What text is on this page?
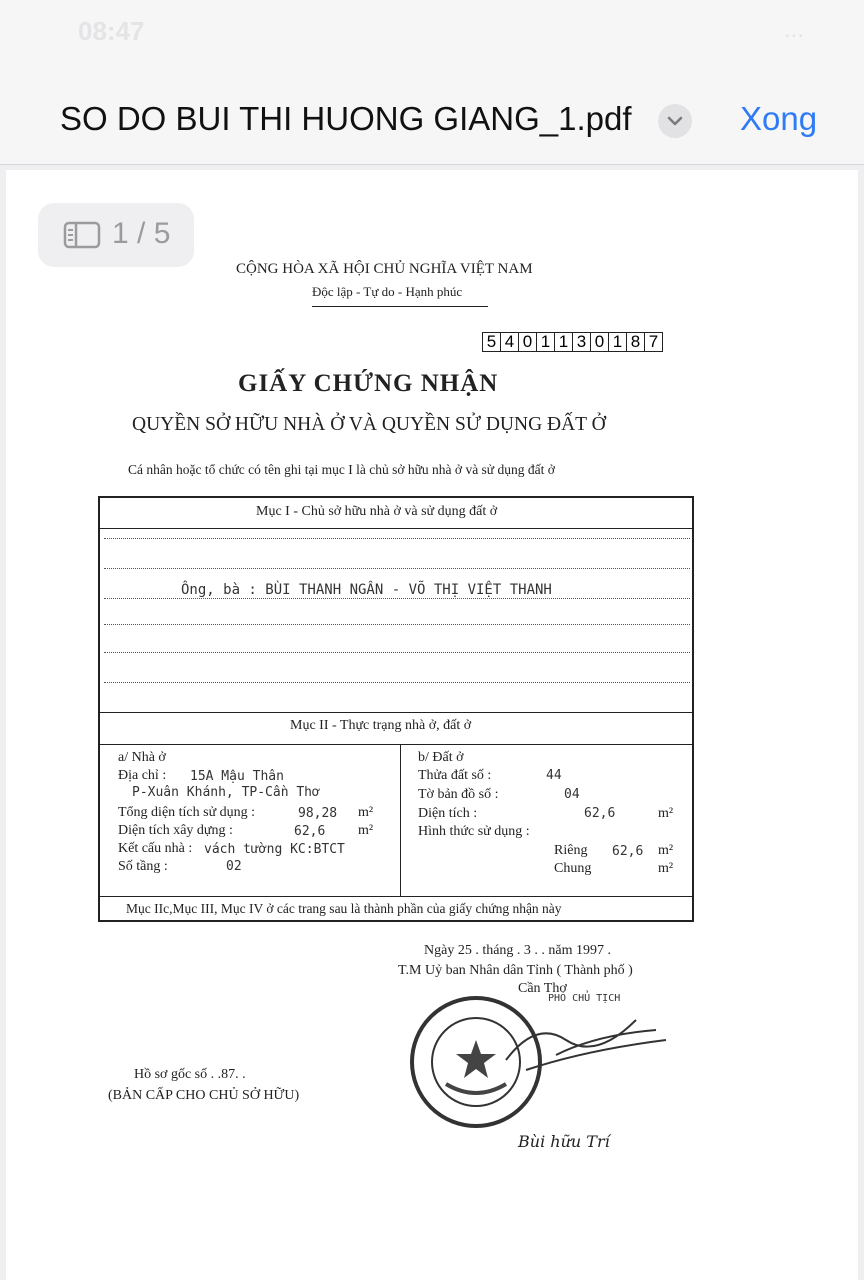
08:47	...
SO DO BUI THI HUONG GIANG_1.pdf	Xong
CỘNG HÒA XÃ HỘI CHỦ NGHĨA VIỆT NAM
Độc lập - Tự do - Hạnh phúc
GIẤY CHỨNG NHẬN
QUYỀN SỞ HỮU NHÀ Ở VÀ QUYỀN SỬ DỤNG ĐẤT Ở
Cá nhân hoặc tổ chức có tên ghi tại mục I là chủ sở hữu nhà ở và sử dụng đất ở
Mục I - Chủ sở hữu nhà ở và sử dụng đất ở
Ông, bà : BÙI THANH NGÂN - VÕ THỊ VIỆT THANH
Mục II - Thực trạng nhà ở, đất ở
a/ Nhà ở
Địa chỉ : 15A Mậu Thân
P-Xuân Khánh, TP-Cần Thơ
Tổng diện tích sử dụng :	98,28 m²
Diện tích xây dựng :	62,6 m²
Kết cấu nhà : vách tường KC:BTCT
Số tầng :	02
b/ Đất ở
Thửa đất số :	44
Tờ bản đồ số :	04
Diện tích :	62,6	m²
Hình thức sử dụng :
Riêng 62,6 m²
Chung	m²
Mục IIc,Mục III, Mục IV ở các trang sau là thành phần của giấy chứng nhận này
Ngày 25 . tháng . 3 . . năm 1997 .
T.M Uỷ ban Nhân dân Tỉnh ( Thành phố )
Cần Thơ
PHÓ CHỦ TỊCH
Hồ sơ gốc số . .87. .
(BẢN CẤP CHO CHỦ SỞ HỮU)
Bùi hữu Trí
5 4 0 1 1 3 0 1 8 7
1 / 5
